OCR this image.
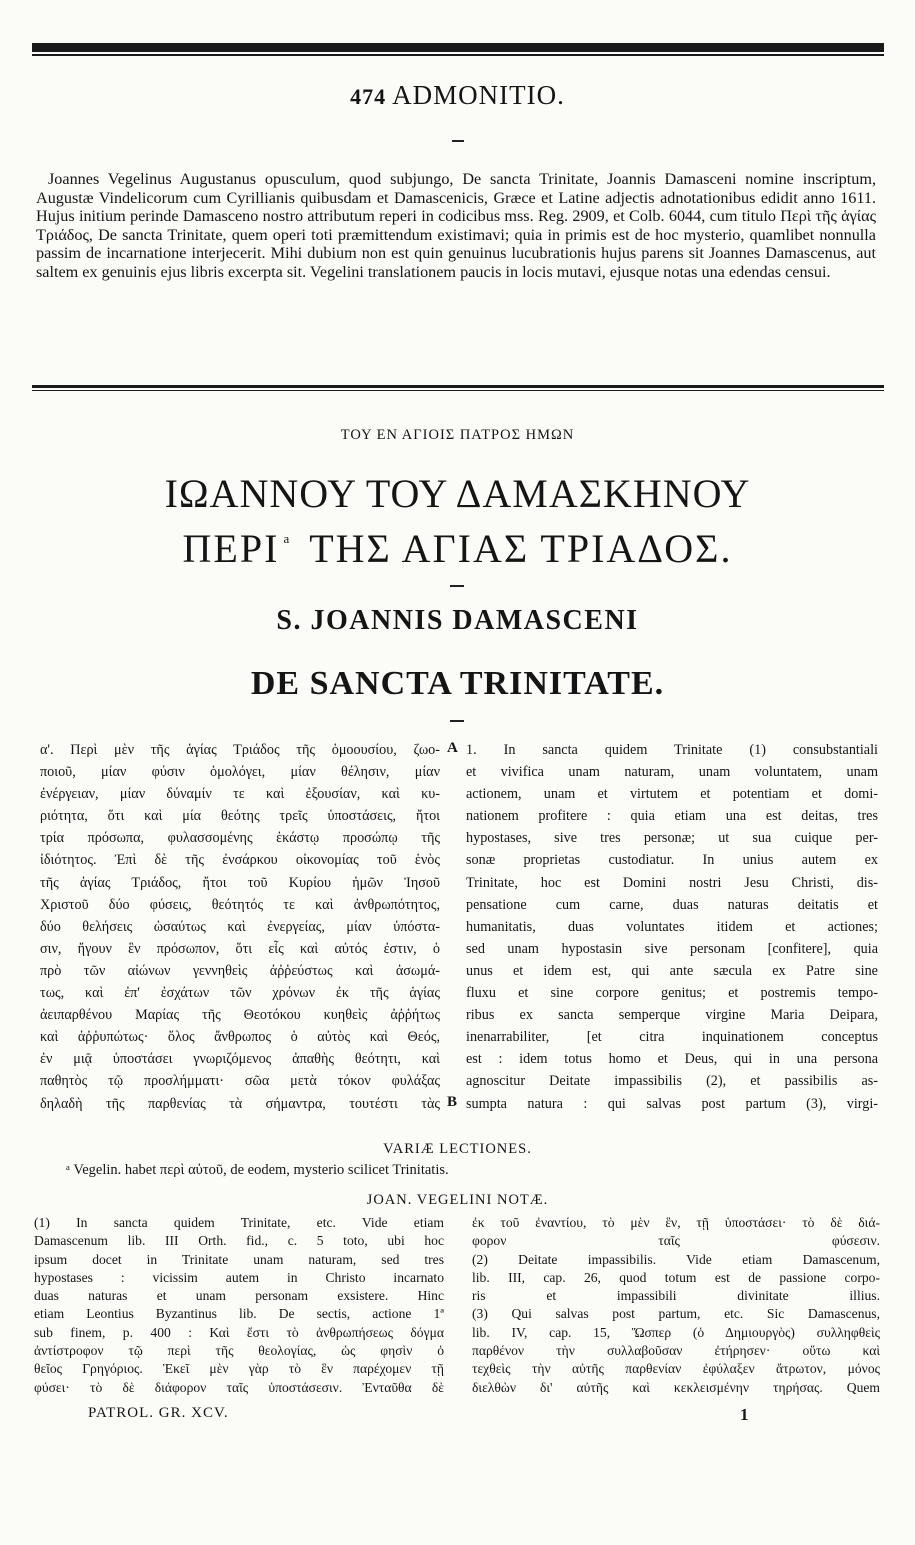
474 ADMONITIO.
Joannes Vegelinus Augustanus opusculum, quod subjungo, De sancta Trinitate, Joannis Damasceni nomine inscriptum, Augustæ Vindelicorum cum Cyrillianis quibusdam et Damascenicis, Græce et Latine adjectis adnotationibus edidit anno 1611. Hujus initium perinde Damasceno nostro attributum reperi in codicibus mss. Reg. 2909, et Colb. 6044, cum titulo Περὶ τῆς ἁγίας Τριάδος, De sancta Trinitate, quem operi toti præmittendum existimavi; quia in primis est de hoc mysterio, quamlibet nonnulla passim de incarnatione interjecerit. Mihi dubium non est quin genuinus lucubrationis hujus parens sit Joannes Damascenus, aut saltem ex genuinis ejus libris excerpta sit. Vegelini translationem paucis in locis mutavi, ejusque notas una edendas censui.
ΤΟΥ ΕΝ ΑΓΙΟΙΣ ΠΑΤΡΟΣ ΗΜΩΝ
ΙΩΑΝΝΟΥ ΤΟΥ ΔΑΜΑΣΚΗΝΟΥ
ΠΕΡΙ $^a$ ΤΗΣ ΑΓΙΑΣ ΤΡΙΑΔΟΣ.
S. JOANNIS DAMASCENI
DE SANCTA TRINITATE.
α'. Περὶ μὲν τῆς ἁγίας Τριάδος τῆς ὁμοουσίου, ζωο-
ποιοῦ, μίαν φύσιν ὁμολόγει, μίαν θέλησιν, μίαν
ἐνέργειαν, μίαν δύναμίν τε καὶ ἐξουσίαν, καὶ κυ-
ριότητα, ὅτι καὶ μία θεότης τρεῖς ὑποστάσεις, ἤτοι
τρία πρόσωπα, φυλασσομένης ἑκάστῳ προσώπῳ τῆς
ἰδιότητος. Ἐπὶ δὲ τῆς ἐνσάρκου οἰκονομίας τοῦ ἑνὸς
τῆς ἁγίας Τριάδος, ἤτοι τοῦ Κυρίου ἡμῶν Ἰησοῦ
Χριστοῦ δύο φύσεις, θεότητός τε καὶ ἀνθρωπότητος,
δύο θελήσεις ὡσαύτως καὶ ἐνεργείας, μίαν ὑπόστα-
σιν, ἤγουν ἓν πρόσωπον, ὅτι εἷς καὶ αὐτός ἐστιν, ὁ
πρὸ τῶν αἰώνων γεννηθεὶς ἀῤῥεύστως καὶ ἀσωμά-
τως, καὶ ἐπ' ἐσχάτων τῶν χρόνων ἐκ τῆς ἁγίας
ἀειπαρθένου Μαρίας τῆς Θεοτόκου κυηθεὶς ἀῤῥήτως
καὶ ἀῤῥυπώτως· ὅλος ἄνθρωπος ὁ αὐτὸς καὶ Θεός,
ἐν μιᾷ ὑποστάσει γνωριζόμενος ἀπαθὴς θεότητι, καὶ
παθητὸς τῷ προσλήμματι· σῶα μετὰ τόκον φυλάξας
δηλαδὴ τῆς παρθενίας τὰ σήμαντρα, τουτέστι τὰς
1. In sancta quidem Trinitate (1) consubstantiali
et vivifica unam naturam, unam voluntatem, unam
actionem, unam et virtutem et potentiam et domi-
nationem profitere : quia etiam una est deitas, tres
hypostases, sive tres personæ; ut sua cuique per-
sonæ proprietas custodiatur. In unius autem ex
Trinitate, hoc est Domini nostri Jesu Christi, dis-
pensatione cum carne, duas naturas deitatis et
humanitatis, duas voluntates itidem et actiones;
sed unam hypostasin sive personam [confitere], quia
unus et idem est, qui ante sæcula ex Patre sine
fluxu et sine corpore genitus; et postremis tempo-
ribus ex sancta semperque virgine Maria Deipara,
inenarrabiliter, [et citra inquinationem conceptus
est : idem totus homo et Deus, qui in una persona
agnoscitur Deitate impassibilis (2), et passibilis as-
sumpta natura : qui salvas post partum (3), virgi-
A
B
VARIÆ LECTIONES.
ᵃ Vegelin. habet περὶ αὐτοῦ, de eodem, mysterio scilicet Trinitatis.
JOAN. VEGELINI NOTÆ.
(1) In sancta quidem Trinitate, etc. Vide etiam
Damascenum lib. III Orth. fid., c. 5 toto, ubi hoc
ipsum docet in Trinitate unam naturam, sed tres
hypostases : vicissim autem in Christo incarnato
duas naturas et unam personam exsistere. Hinc
etiam Leontius Byzantinus lib. De sectis, actione 1ª
sub finem, p. 400 : Καὶ ἔστι τὸ ἀνθρωπήσεως δόγμα
ἀντίστροφον τῷ περὶ τῆς θεολογίας, ὡς φησὶν ὁ
θεῖος Γρηγόριος. Ἐκεῖ μὲν γὰρ τὸ ἓν παρέχομεν τῇ
φύσει· τὸ δὲ διάφορον ταῖς ὑποστάσεσιν. Ἐνταῦθα δὲ
ἐκ τοῦ ἐναντίου, τὸ μὲν ἓν, τῇ ὑποστάσει· τὸ δὲ διά-
φορον ταῖς φύσεσιν.
(2) Deitate impassibilis. Vide etiam Damascenum,
lib. III, cap. 26, quod totum est de passione corpo-
ris et impassibili divinitate illius.
(3) Qui salvas post partum, etc. Sic Damascenus,
lib. IV, cap. 15, Ὥσπερ (ὁ Δημιουργὸς) συλληφθεὶς
παρθένον τὴν συλλαβοῦσαν ἐτήρησεν· οὕτω καὶ
τεχθεὶς τὴν αὐτῆς παρθενίαν ἐφύλαξεν ἄτρωτον, μόνος
διελθὼν δι' αὐτῆς καὶ κεκλεισμένην τηρήσας. Quem
PATROL. GR. XCV.	1
